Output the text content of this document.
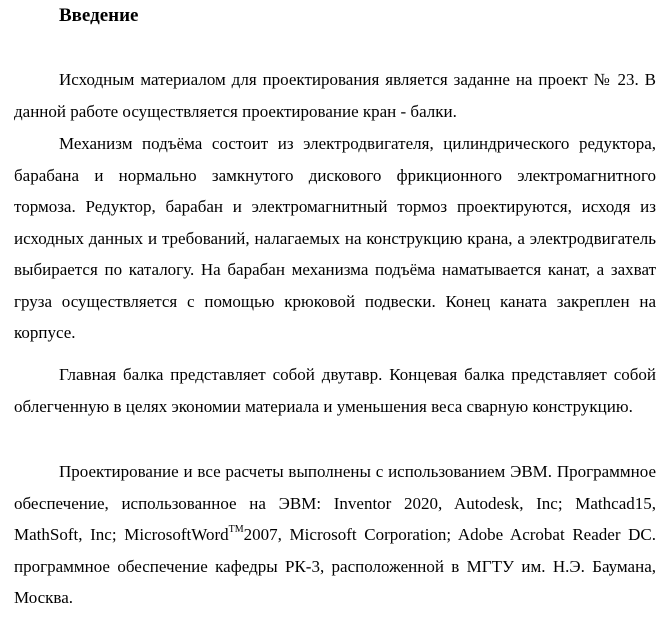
Введение

Исходным материалом для проектирования является заданне на проект № 23. В данной работе осуществляется проектирование кран - балки.

Механизм подъёма состоит из электродвигателя, цилиндрического редуктора, барабана и нормально замкнутого дискового фрикционного электромагнитного тормоза. Редуктор, барабан и электромагнитный тормоз проектируются, исходя из исходных данных и требований, налагаемых на конструкцию крана, а электродвигатель выбирается по каталогу. На барабан механизма подъёма наматывается канат, а захват груза осуществляется с помощью крюковой подвески. Конец каната закреплен на корпусе.

Главная балка представляет собой двутавр. Концевая балка представляет собой облегченную в целях экономии материала и уменьшения веса сварную конструкцию.

Проектирование и все расчеты выполнены с использованием ЭВМ. Программное обеспечение, использованное на ЭВМ: Inventor 2020, Autodesk, Inc; Mathcad15, MathSoft, Inc; MicrosoftWord™2007, Microsoft Corporation; Adobe Acrobat Reader DC. программное обеспечение кафедры РК-3, расположенной в МГТУ им. Н.Э. Баумана, Москва.
